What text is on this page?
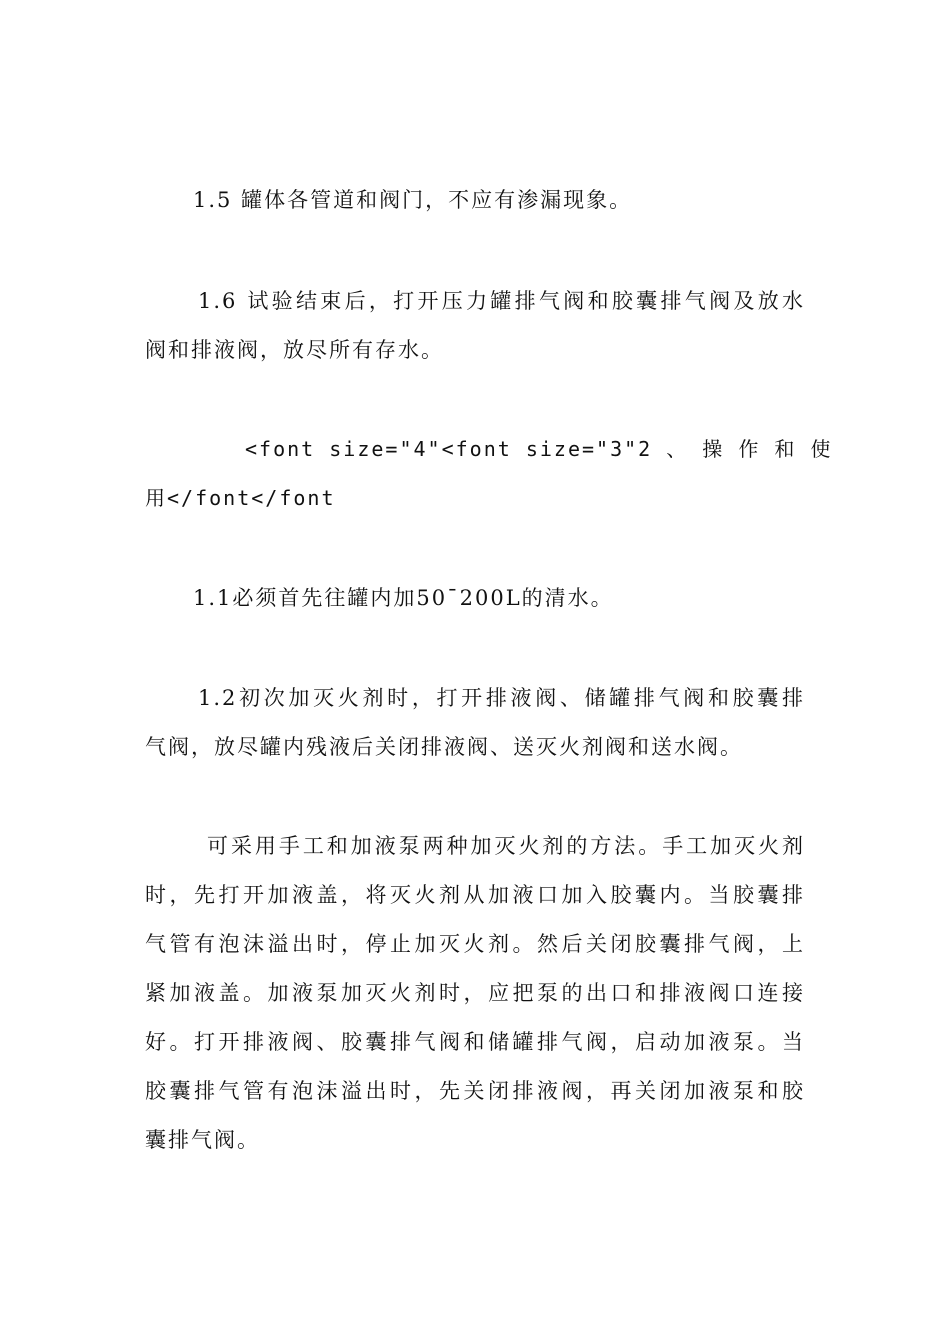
1.5 罐体各管道和阀门，不应有渗漏现象。

1.6 试验结束后，打开压力罐排气阀和胶囊排气阀及放水
阀和排液阀，放尽所有存水。

<font size="4"<font size="3"2 、 操 作 和 使
用</font</font

1.1必须首先往罐内加50¯200L的清水。

1.2初次加灭火剂时，打开排液阀、储罐排气阀和胶囊排
气阀，放尽罐内残液后关闭排液阀、送灭火剂阀和送水阀。

可采用手工和加液泵两种加灭火剂的方法。手工加灭火剂
时，先打开加液盖，将灭火剂从加液口加入胶囊内。当胶囊排
气管有泡沫溢出时，停止加灭火剂。然后关闭胶囊排气阀，上
紧加液盖。加液泵加灭火剂时，应把泵的出口和排液阀口连接
好。打开排液阀、胶囊排气阀和储罐排气阀，启动加液泵。当
胶囊排气管有泡沫溢出时，先关闭排液阀，再关闭加液泵和胶
囊排气阀。
